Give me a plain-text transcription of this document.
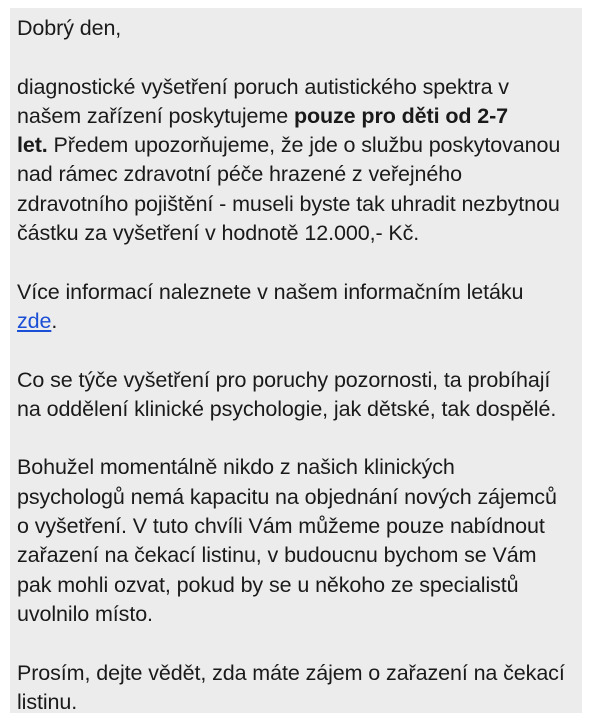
Dobrý den,
diagnostické vyšetření poruch autistického spektra v
našem zařízení poskytujeme pouze pro děti od 2-7
let. Předem upozorňujeme, že jde o službu poskytovanou
nad rámec zdravotní péče hrazené z veřejného
zdravotního pojištění - museli byste tak uhradit nezbytnou
částku za vyšetření v hodnotě 12.000,- Kč.
Více informací naleznete v našem informačním letáku
zde.
Co se týče vyšetření pro poruchy pozornosti, ta probíhají
na oddělení klinické psychologie, jak dětské, tak dospělé.
Bohužel momentálně nikdo z našich klinických
psychologů nemá kapacitu na objednání nových zájemců
o vyšetření. V tuto chvíli Vám můžeme pouze nabídnout
zařazení na čekací listinu, v budoucnu bychom se Vám
pak mohli ozvat, pokud by se u někoho ze specialistů
uvolnilo místo.
Prosím, dejte vědět, zda máte zájem o zařazení na čekací
listinu.
